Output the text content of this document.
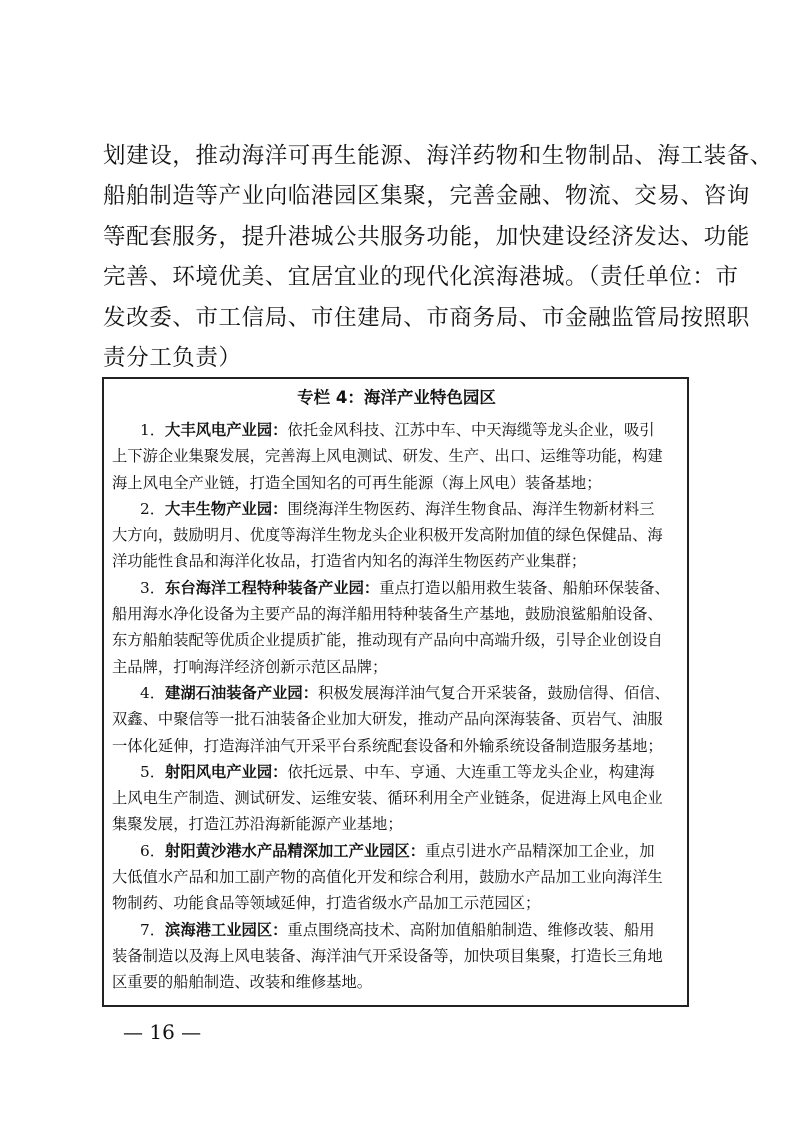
划建设，推动海洋可再生能源、海洋药物和生物制品、海工装备、
船舶制造等产业向临港园区集聚，完善金融、物流、交易、咨询
等配套服务，提升港城公共服务功能，加快建设经济发达、功能
完善、环境优美、宜居宜业的现代化滨海港城。（责任单位：市
发改委、市工信局、市住建局、市商务局、市金融监管局按照职
责分工负责）
专栏 4：海洋产业特色园区
1．大丰风电产业园：依托金风科技、江苏中车、中天海缆等龙头企业，吸引
上下游企业集聚发展，完善海上风电测试、研发、生产、出口、运维等功能，构建
海上风电全产业链，打造全国知名的可再生能源（海上风电）装备基地；
2．大丰生物产业园：围绕海洋生物医药、海洋生物食品、海洋生物新材料三
大方向，鼓励明月、优度等海洋生物龙头企业积极开发高附加值的绿色保健品、海
洋功能性食品和海洋化妆品，打造省内知名的海洋生物医药产业集群；
3．东台海洋工程特种装备产业园：重点打造以船用救生装备、船舶环保装备、
船用海水净化设备为主要产品的海洋船用特种装备生产基地，鼓励浪鲨船舶设备、
东方船舶装配等优质企业提质扩能，推动现有产品向中高端升级，引导企业创设自
主品牌，打响海洋经济创新示范区品牌；
4．建湖石油装备产业园：积极发展海洋油气复合开采装备，鼓励信得、佰信、
双鑫、中聚信等一批石油装备企业加大研发，推动产品向深海装备、页岩气、油服
一体化延伸，打造海洋油气开采平台系统配套设备和外输系统设备制造服务基地；
5．射阳风电产业园：依托远景、中车、亨通、大连重工等龙头企业，构建海
上风电生产制造、测试研发、运维安装、循环利用全产业链条，促进海上风电企业
集聚发展，打造江苏沿海新能源产业基地；
6．射阳黄沙港水产品精深加工产业园区：重点引进水产品精深加工企业，加
大低值水产品和加工副产物的高值化开发和综合利用，鼓励水产品加工业向海洋生
物制药、功能食品等领域延伸，打造省级水产品加工示范园区；
7．滨海港工业园区：重点围绕高技术、高附加值船舶制造、维修改装、船用
装备制造以及海上风电装备、海洋油气开采设备等，加快项目集聚，打造长三角地
区重要的船舶制造、改装和维修基地。
— 16 —
